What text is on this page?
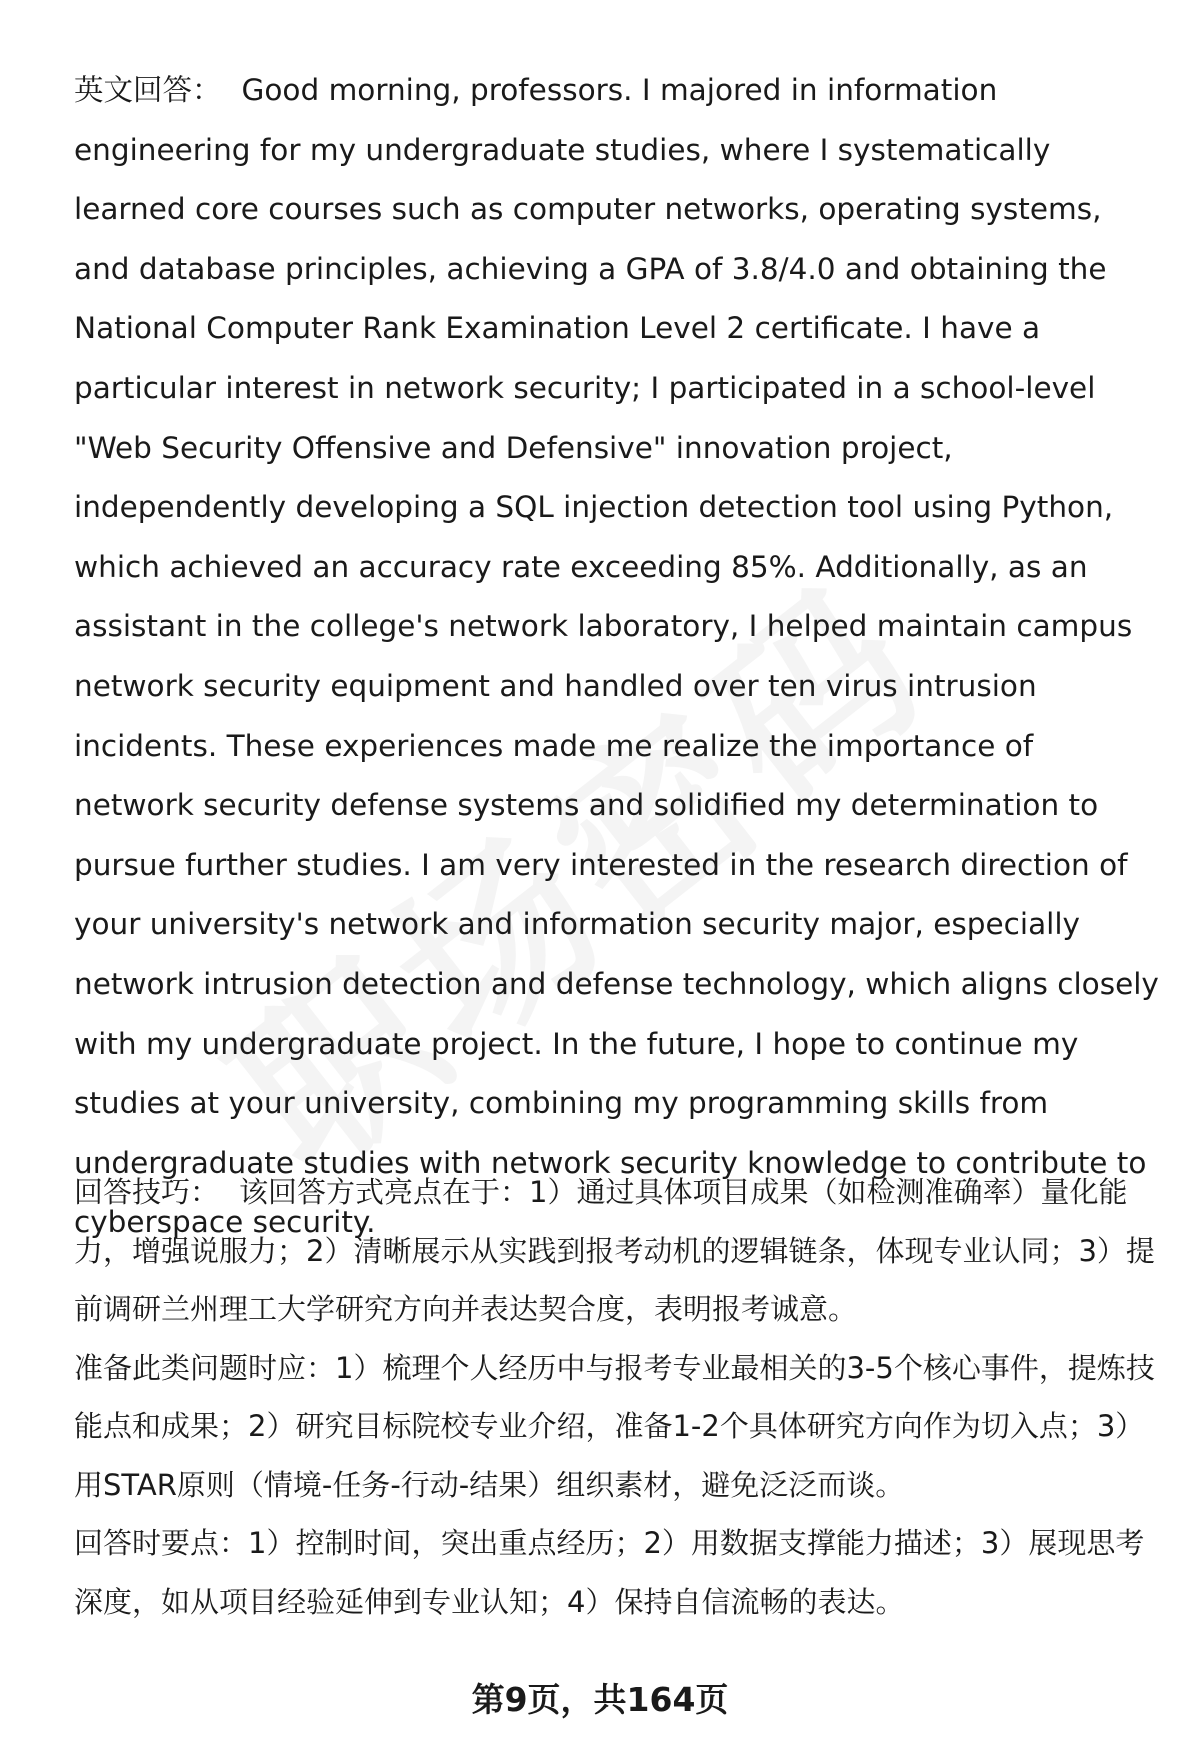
英文回答： Good morning, professors. I majored in information engineering for my undergraduate studies, where I systematically learned core courses such as computer networks, operating systems, and database principles, achieving a GPA of 3.8/4.0 and obtaining the National Computer Rank Examination Level 2 certificate. I have a particular interest in network security; I participated in a school-level "Web Security Offensive and Defensive" innovation project, independently developing a SQL injection detection tool using Python, which achieved an accuracy rate exceeding 85%. Additionally, as an assistant in the college's network laboratory, I helped maintain campus network security equipment and handled over ten virus intrusion incidents. These experiences made me realize the importance of network security defense systems and solidified my determination to pursue further studies. I am very interested in the research direction of your university's network and information security major, especially network intrusion detection and defense technology, which aligns closely with my undergraduate project. In the future, I hope to continue my studies at your university, combining my programming skills from undergraduate studies with network security knowledge to contribute to cyberspace security.

回答技巧： 该回答方式亮点在于：1）通过具体项目成果（如检测准确率）量化能力，增强说服力；2）清晰展示从实践到报考动机的逻辑链条，体现专业认同；3）提前调研兰州理工大学研究方向并表达契合度，表明报考诚意。

准备此类问题时应：1）梳理个人经历中与报考专业最相关的3-5个核心事件，提炼技能点和成果；2）研究目标院校专业介绍，准备1-2个具体研究方向作为切入点；3）用STAR原则（情境-任务-行动-结果）组织素材，避免泛泛而谈。

回答时要点：1）控制时间，突出重点经历；2）用数据支撑能力描述；3）展现思考深度，如从项目经验延伸到专业认知；4）保持自信流畅的表达。

第9页，共164页
